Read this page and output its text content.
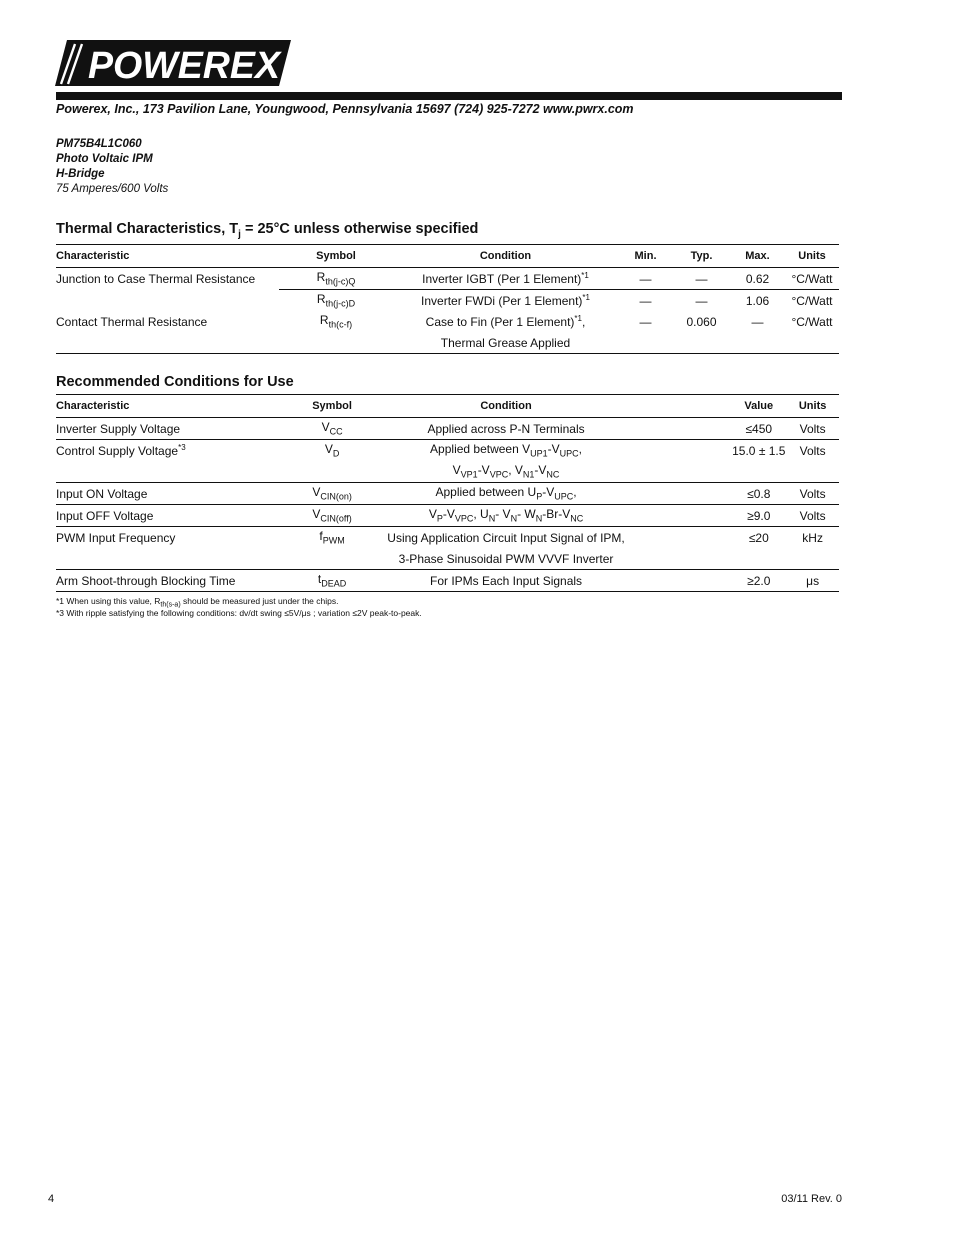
POWEREX
Powerex, Inc., 173 Pavilion Lane, Youngwood, Pennsylvania 15697 (724) 925-7272 www.pwrx.com
PM75B4L1C060
Photo Voltaic IPM
H-Bridge
75 Amperes/600 Volts
Thermal Characteristics, $T_j = 25^\circ C$ unless otherwise specified
Characteristic	Symbol	Condition	Min.	Typ.	Max.	Units
Junction to Case Thermal Resistance	$R_{th(j-c)Q}$	Inverter IGBT (Per 1 Element)$^{*1}$	—	—	0.62	°C/Watt
	$R_{th(j-c)D}$	Inverter FWDi (Per 1 Element)$^{*1}$	—	—	1.06	°C/Watt
Contact Thermal Resistance	$R_{th(c-f)}$	Case to Fin (Per 1 Element)$^{*1}$,	—	0.060	—	°C/Watt
		Thermal Grease Applied				
Recommended Conditions for Use
Characteristic	Symbol	Condition			Value	Units
Inverter Supply Voltage	$V_{CC}$	Applied across P-N Terminals			≤450	Volts
Control Supply Voltage$^{*3}$	$V_D$	Applied between $V_{UP1}-V_{UPC}$,			15.0 ± 1.5	Volts
		$V_{VP1}-V_{VPC}$, $V_{N1}-V_{NC}$				
Input ON Voltage	$V_{CIN(on)}$	Applied between $U_P-V_{UPC}$,			≤0.8	Volts
Input OFF Voltage	$V_{CIN(off)}$	$V_P-V_{VPC}$, $U_N-$ $V_N-$ $W_N-Br-V_{NC}$			≥9.0	Volts
PWM Input Frequency	$f_{PWM}$	Using Application Circuit Input Signal of IPM,			≤20	kHz
		3-Phase Sinusoidal PWM VVVF Inverter				
Arm Shoot-through Blocking Time	$t_{DEAD}$	For IPMs Each Input Signals			≥2.0	μs
*1 When using this value, $R_{th(s-a)}$ should be measured just under the chips.
*3 With ripple satisfying the following conditions: dv/dt swing ≤5V/μs ; variation ≤2V peak-to-peak.
4	03/11 Rev. 0
